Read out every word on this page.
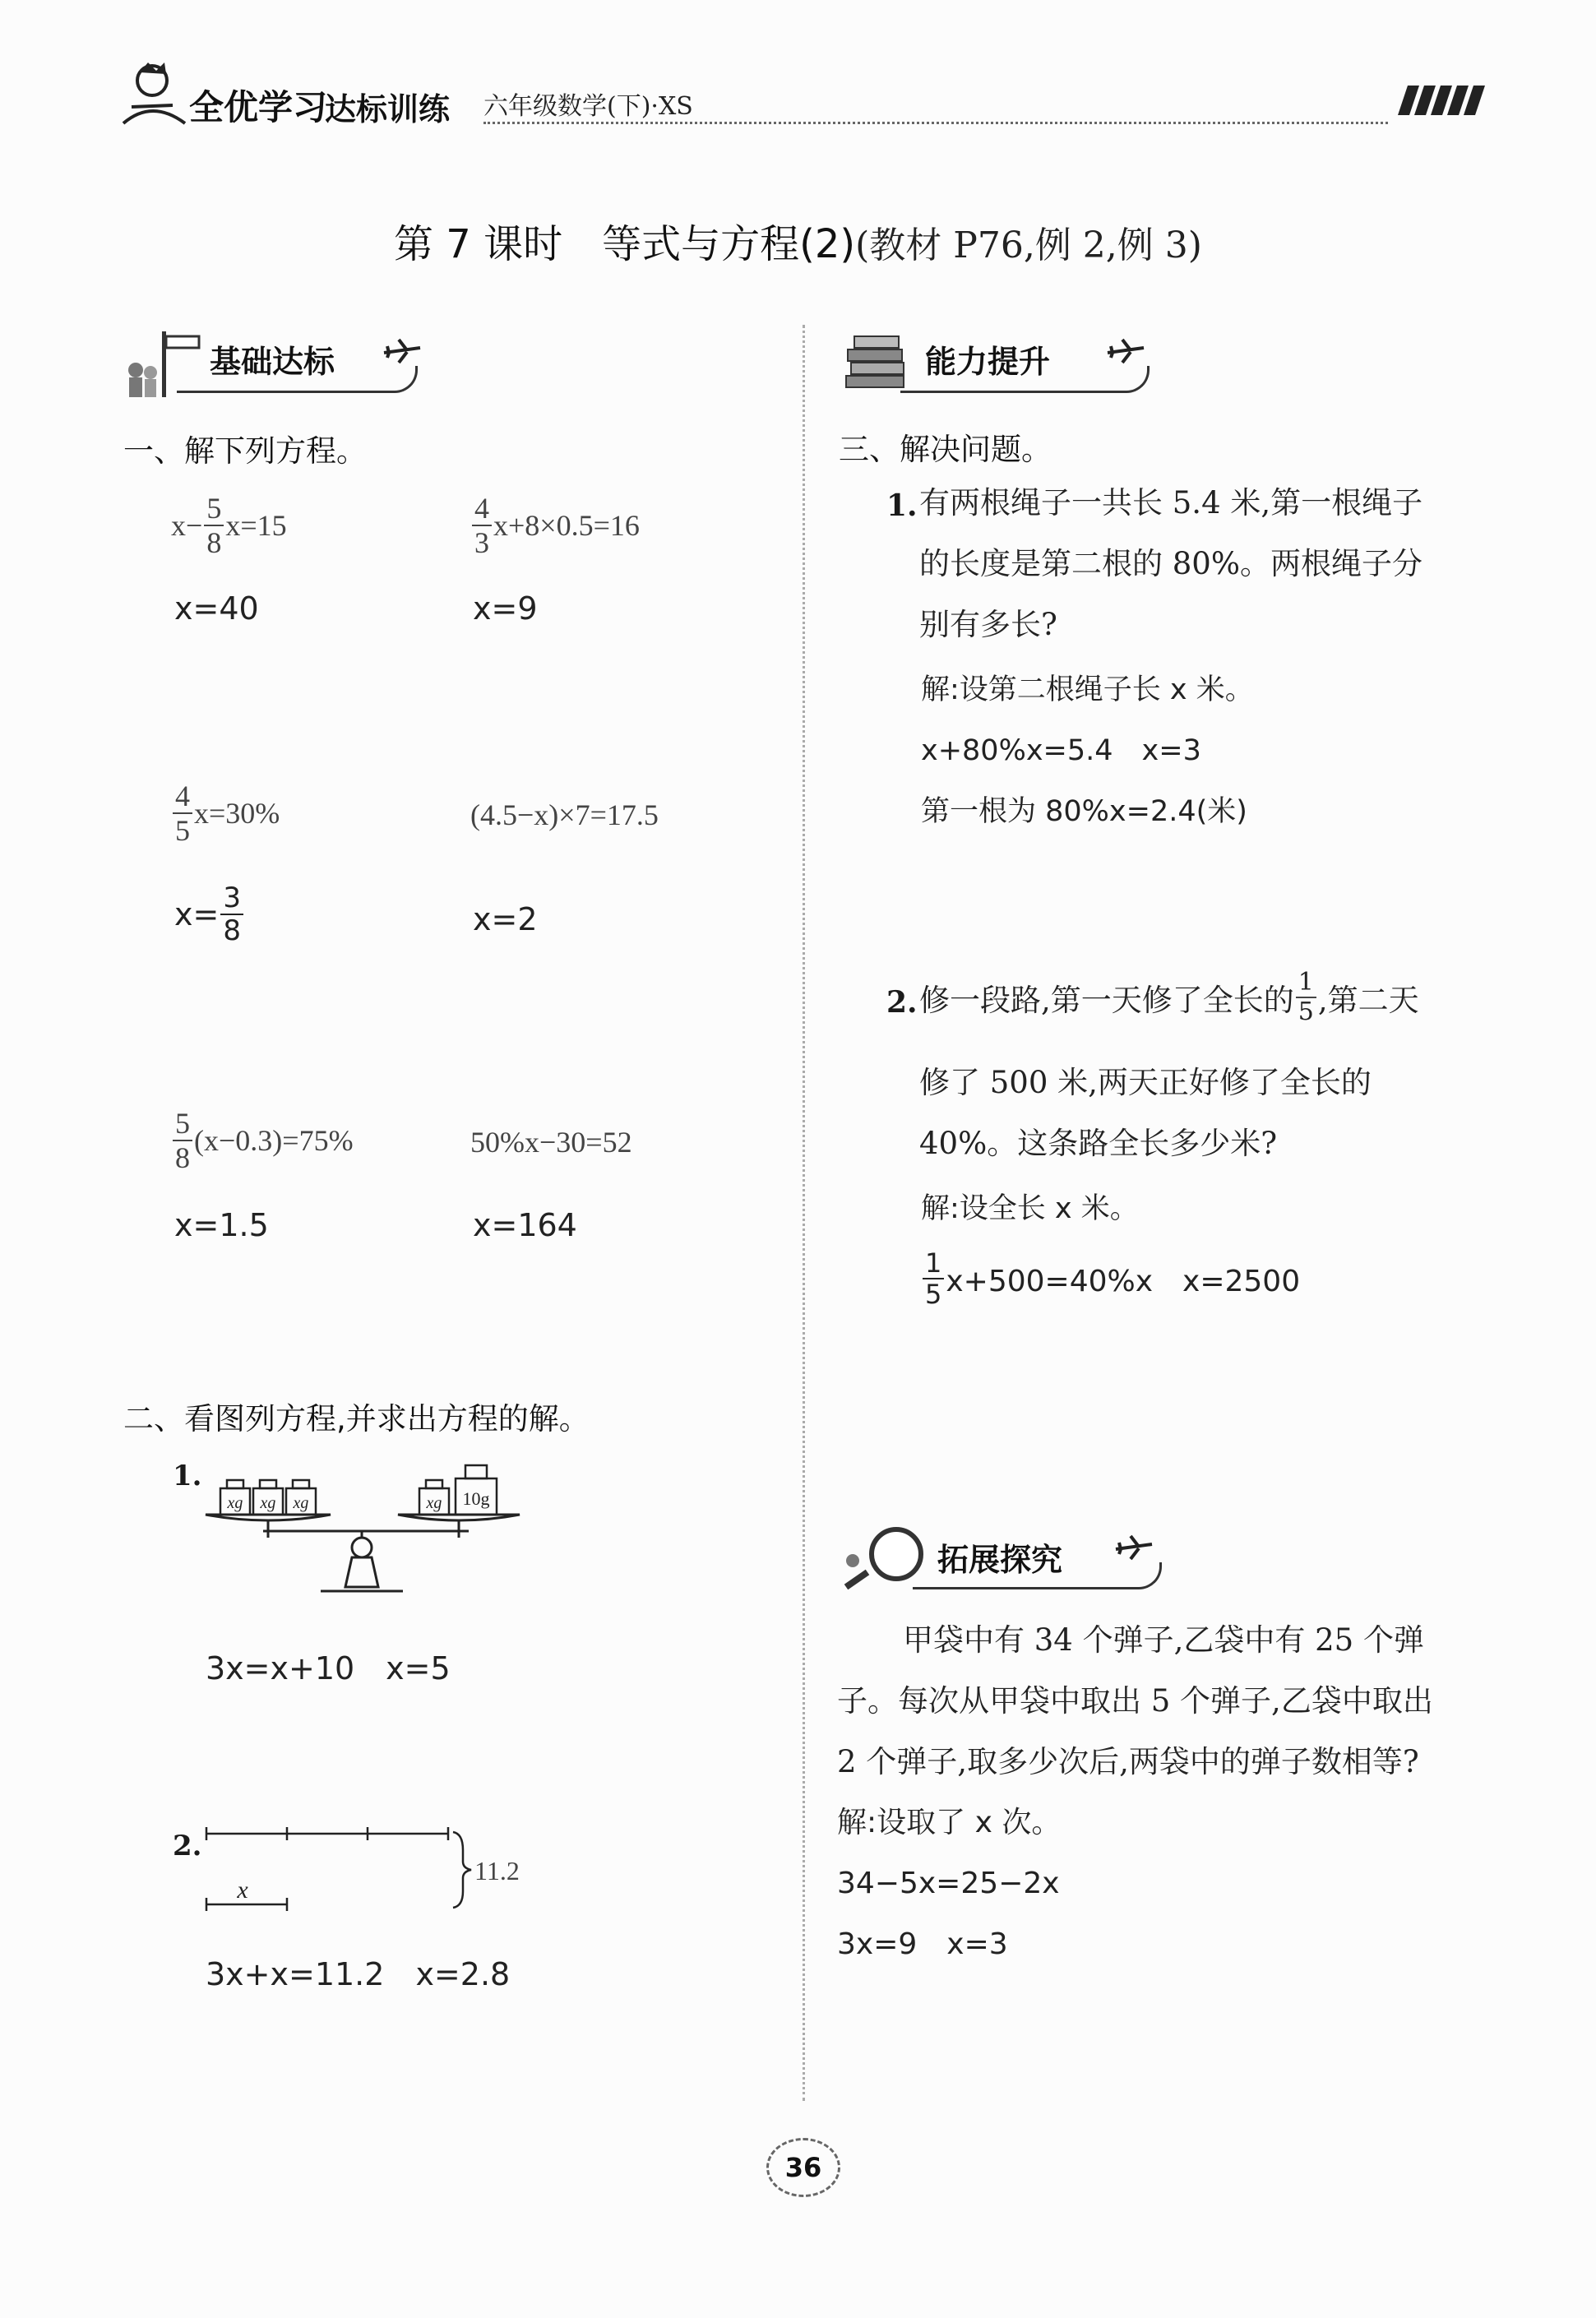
全优学习
达标训练 六年级数学(下)·XS
第 7 课时　等式与方程(2)(教材 P76,例 2,例 3)
基础达标	能力提升
一、解下列方程。
$x- \frac{5}{8} x=15$
x=40
$\frac{4}{3} x+8\times 0.5=16$
x=9
$\frac{4}{5} x=30\%$
$x= \frac{3}{8}$
(4.5−x)×7=17.5
x=2
$\frac{5}{8} (x-0.3)=75\%$
x=1.5
50%x−30=52
x=164
二、看图列方程,并求出方程的解。
1.
xg xg xg	xg 10g
3x=x+10　x=5
2.
x
11.2
3x+x=11.2　x=2.8
三、解决问题。
1. 有两根绳子一共长 5.4 米,第一根绳子
的长度是第二根的 80%。两根绳子分
别有多长?
解:设第二根绳子长 x 米。
x+80%x=5.4　x=3
第一根为 80%x=2.4(米)
2. 修一段路,第一天修了全长的 $\frac{1}{5}$ ,第二天
修了 500 米,两天正好修了全长的
40%。这条路全长多少米?
解:设全长 x 米。
$\frac{1}{5} x+500=40\%x$　x=2500
拓展探究
甲袋中有 34 个弹子,乙袋中有 25 个弹
子。每次从甲袋中取出 5 个弹子,乙袋中取出
2 个弹子,取多少次后,两袋中的弹子数相等?
解:设取了 x 次。
34−5x=25−2x
3x=9　x=3
36
